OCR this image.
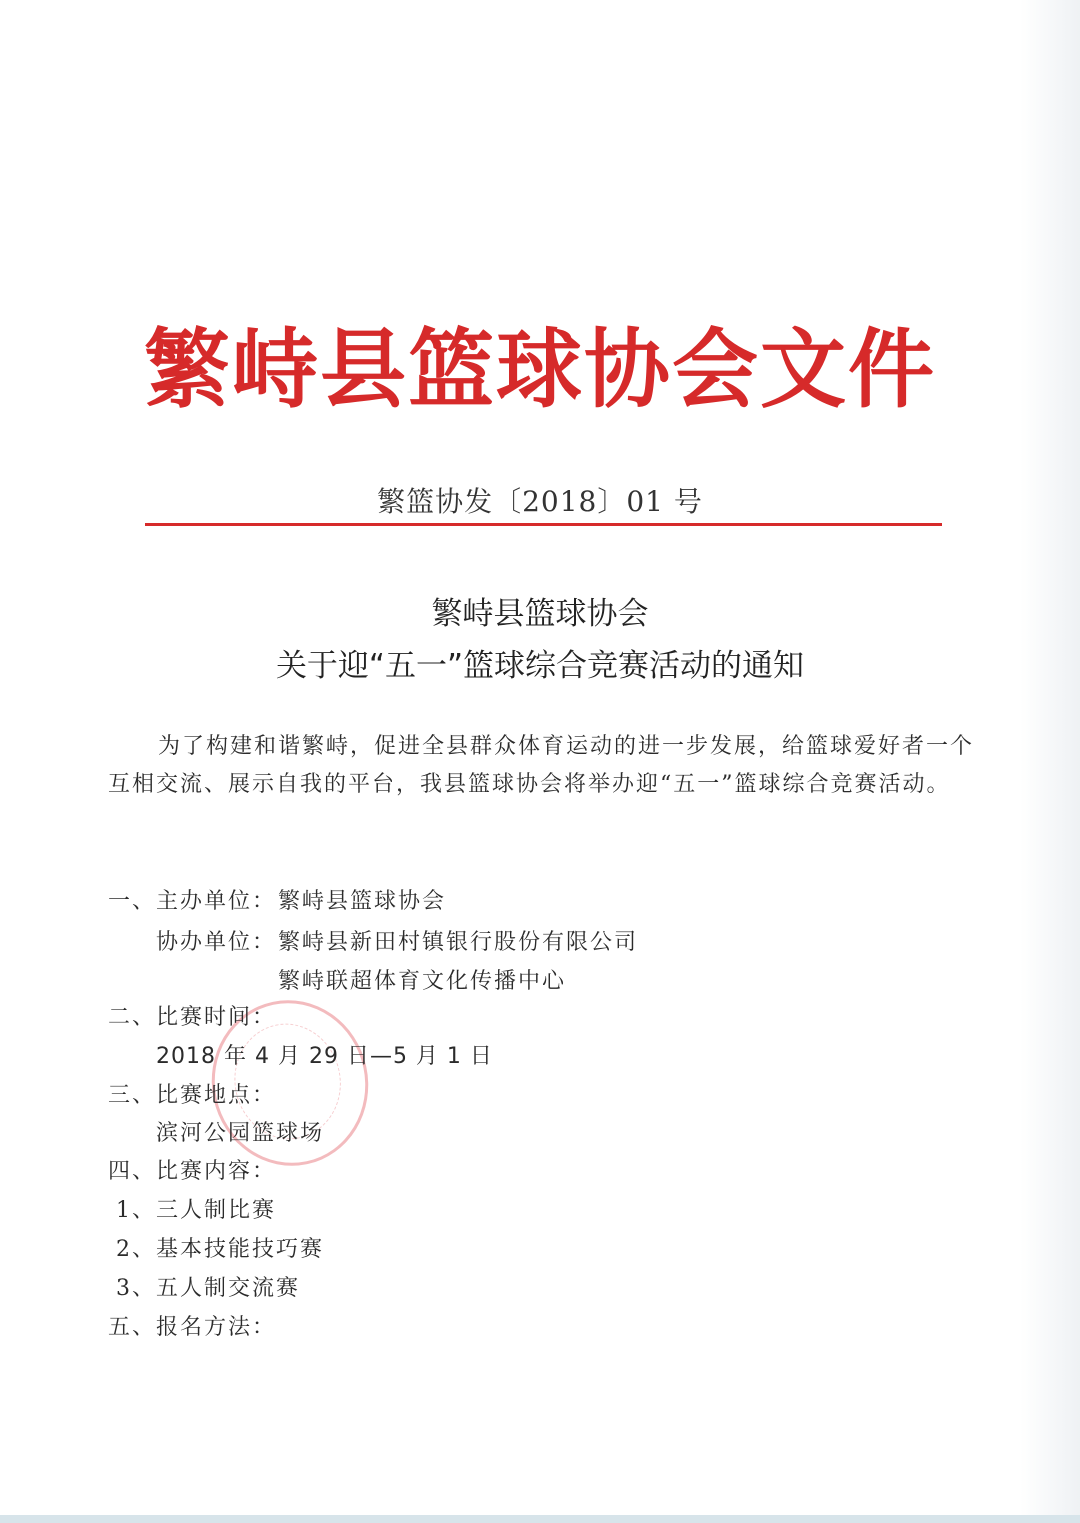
繁峙县篮球协会文件
繁篮协发〔2018〕01 号
繁峙县篮球协会
关于迎“五一”篮球综合竞赛活动的通知

为了构建和谐繁峙，促进全县群众体育运动的进一步发展，给篮球爱好者一个互相交流、展示自我的平台，我县篮球协会将举办迎“五一”篮球综合竞赛活动。

一、主办单位： 繁峙县篮球协会
协办单位： 繁峙县新田村镇银行股份有限公司
繁峙联超体育文化传播中心
二、比赛时间：
2018 年 4 月 29 日—5 月 1 日
三、比赛地点：
滨河公园篮球场
四、比赛内容：
1、三人制比赛
2、基本技能技巧赛
3、五人制交流赛
五、报名方法：
